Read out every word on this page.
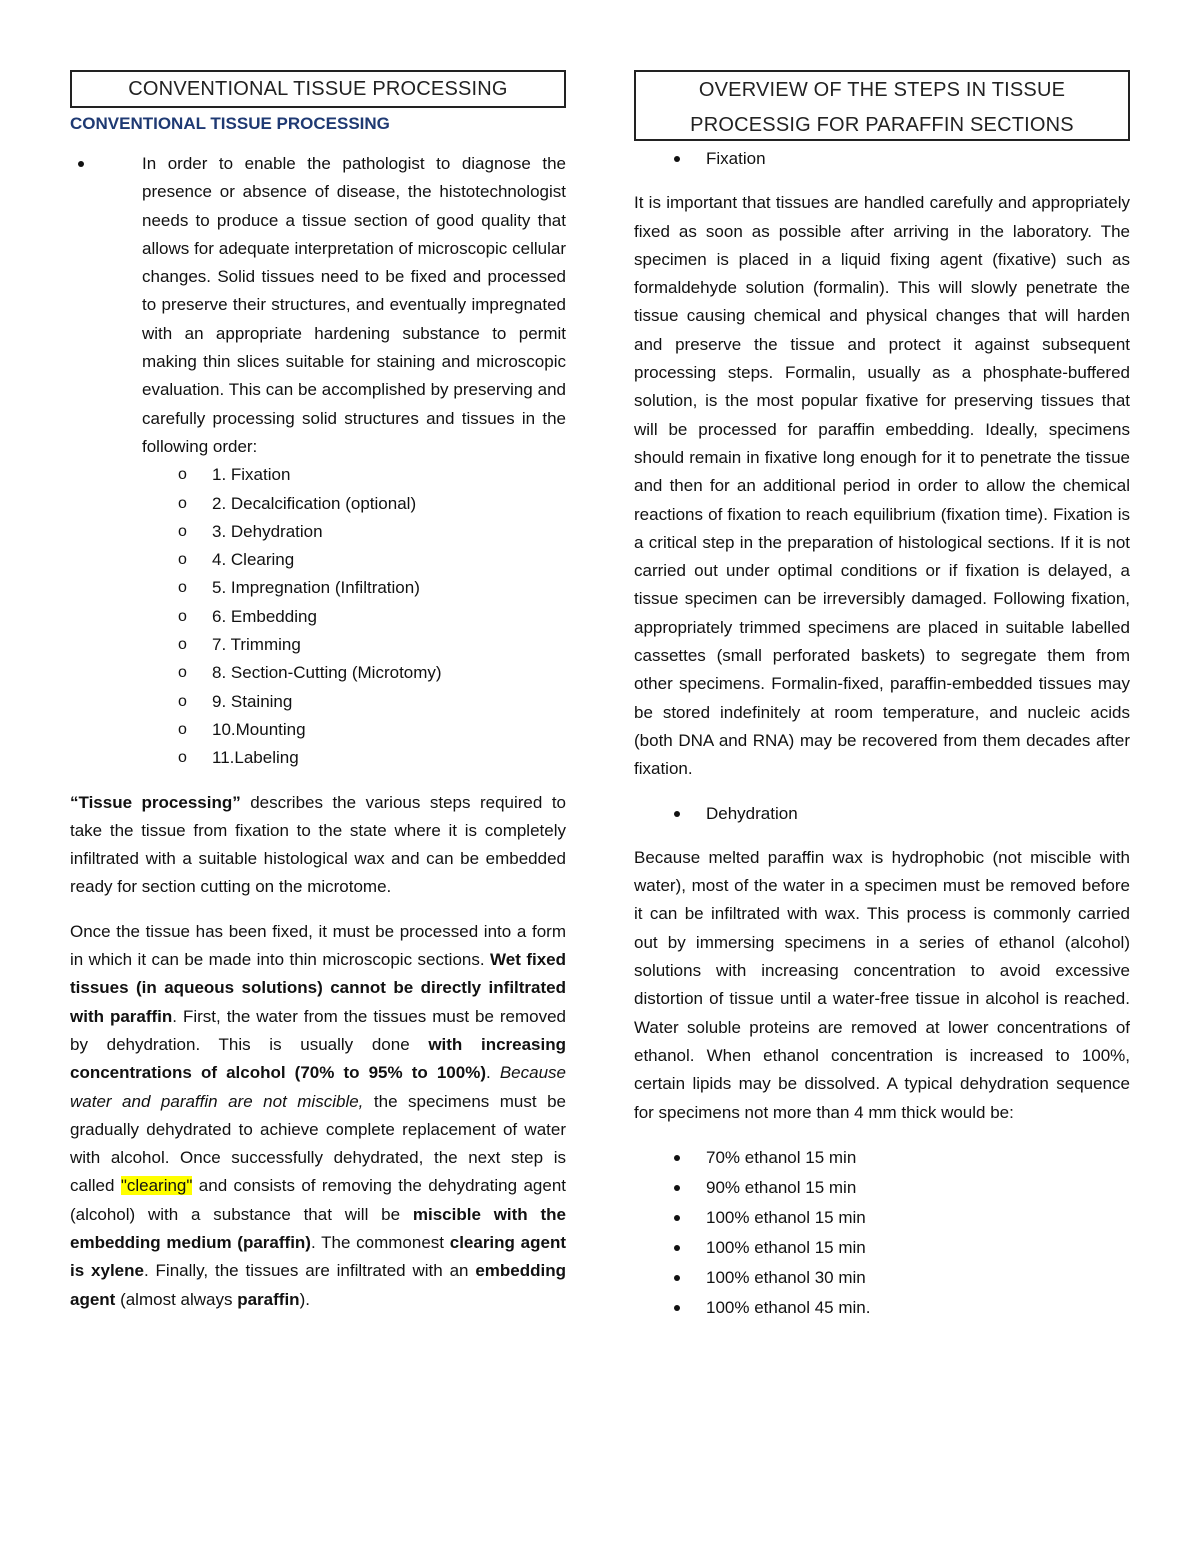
CONVENTIONAL TISSUE PROCESSING
CONVENTIONAL TISSUE PROCESSING
In order to enable the pathologist to diagnose the presence or absence of disease, the histotechnologist needs to produce a tissue section of good quality that allows for adequate interpretation of microscopic cellular changes. Solid tissues need to be fixed and processed to preserve their structures, and eventually impregnated with an appropriate hardening substance to permit making thin slices suitable for staining and microscopic evaluation. This can be accomplished by preserving and carefully processing solid structures and tissues in the following order:
o 1. Fixation
o 2. Decalcification (optional)
o 3. Dehydration
o 4. Clearing
o 5. Impregnation (Infiltration)
o 6. Embedding
o 7. Trimming
o 8. Section-Cutting (Microtomy)
o 9. Staining
o 10.Mounting
o 11.Labeling

“Tissue processing” describes the various steps required to take the tissue from fixation to the state where it is completely infiltrated with a suitable histological wax and can be embedded ready for section cutting on the microtome.

Once the tissue has been fixed, it must be processed into a form in which it can be made into thin microscopic sections. Wet fixed tissues (in aqueous solutions) cannot be directly infiltrated with paraffin. First, the water from the tissues must be removed by dehydration. This is usually done with increasing concentrations of alcohol (70% to 95% to 100%). Because water and paraffin are not miscible, the specimens must be gradually dehydrated to achieve complete replacement of water with alcohol. Once successfully dehydrated, the next step is called "clearing" and consists of removing the dehydrating agent (alcohol) with a substance that will be miscible with the embedding medium (paraffin). The commonest clearing agent is xylene. Finally, the tissues are infiltrated with an embedding agent (almost always paraffin).

OVERVIEW OF THE STEPS IN TISSUE
PROCESSIG FOR PARAFFIN SECTIONS

Fixation

It is important that tissues are handled carefully and appropriately fixed as soon as possible after arriving in the laboratory. The specimen is placed in a liquid fixing agent (fixative) such as formaldehyde solution (formalin). This will slowly penetrate the tissue causing chemical and physical changes that will harden and preserve the tissue and protect it against subsequent processing steps. Formalin, usually as a phosphate-buffered solution, is the most popular fixative for preserving tissues that will be processed for paraffin embedding. Ideally, specimens should remain in fixative long enough for it to penetrate the tissue and then for an additional period in order to allow the chemical reactions of fixation to reach equilibrium (fixation time). Fixation is a critical step in the preparation of histological sections. If it is not carried out under optimal conditions or if fixation is delayed, a tissue specimen can be irreversibly damaged. Following fixation, appropriately trimmed specimens are placed in suitable labelled cassettes (small perforated baskets) to segregate them from other specimens. Formalin-fixed, paraffin-embedded tissues may be stored indefinitely at room temperature, and nucleic acids (both DNA and RNA) may be recovered from them decades after fixation.

Dehydration

Because melted paraffin wax is hydrophobic (not miscible with water), most of the water in a specimen must be removed before it can be infiltrated with wax. This process is commonly carried out by immersing specimens in a series of ethanol (alcohol) solutions with increasing concentration to avoid excessive distortion of tissue until a water-free tissue in alcohol is reached. Water soluble proteins are removed at lower concentrations of ethanol. When ethanol concentration is increased to 100%, certain lipids may be dissolved. A typical dehydration sequence for specimens not more than 4 mm thick would be:

70% ethanol 15 min
90% ethanol 15 min
100% ethanol 15 min
100% ethanol 15 min
100% ethanol 30 min
100% ethanol 45 min.
